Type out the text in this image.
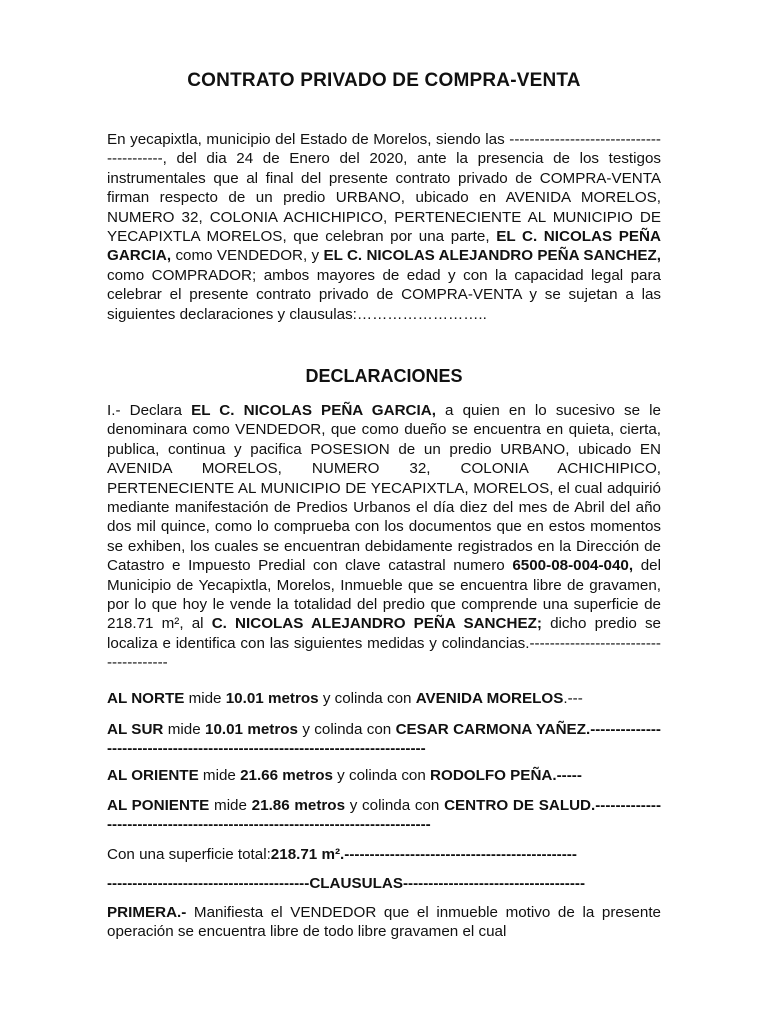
CONTRATO PRIVADO DE COMPRA-VENTA

En yecapixtla, municipio del Estado de Morelos, siendo las -----------------------------------------, del dia 24 de Enero del 2020, ante la presencia de los testigos instrumentales que al final del presente contrato privado de COMPRA-VENTA firman respecto de un predio URBANO, ubicado en AVENIDA MORELOS, NUMERO 32, COLONIA ACHICHIPICO, PERTENECIENTE AL MUNICIPIO DE YECAPIXTLA MORELOS, que celebran por una parte, EL C. NICOLAS PEÑA GARCIA, como VENDEDOR, y EL C. NICOLAS ALEJANDRO PEÑA SANCHEZ, como COMPRADOR; ambos mayores de edad y con la capacidad legal para celebrar el presente contrato privado de COMPRA-VENTA y se sujetan a las siguientes declaraciones y clausulas:……………………..

DECLARACIONES

I.- Declara EL C. NICOLAS PEÑA GARCIA, a quien en lo sucesivo se le denominara como VENDEDOR, que como dueño se encuentra en quieta, cierta, publica, continua y pacifica POSESION de un predio URBANO, ubicado EN AVENIDA MORELOS, NUMERO 32, COLONIA ACHICHIPICO, PERTENECIENTE AL MUNICIPIO DE YECAPIXTLA, MORELOS, el cual adquirió mediante manifestación de Predios Urbanos el día diez del mes de Abril del año dos mil quince, como lo comprueba con los documentos que en estos momentos se exhiben, los cuales se encuentran debidamente registrados en la Dirección de Catastro e Impuesto Predial con clave catastral numero 6500-08-004-040, del Municipio de Yecapixtla, Morelos, Inmueble que se encuentra libre de gravamen, por lo que hoy le vende la totalidad del predio que comprende una superficie de 218.71 m², al C. NICOLAS ALEJANDRO PEÑA SANCHEZ; dicho predio se localiza e identifica con las siguientes medidas y colindancias.--------------------------------------

AL NORTE mide 10.01 metros y colinda con AVENIDA MORELOS.---

AL SUR mide 10.01 metros y colinda con CESAR CARMONA YAÑEZ.-----------------------------------------------------------------------------

AL ORIENTE mide 21.66 metros y colinda con RODOLFO PEÑA.-----

AL PONIENTE mide 21.86 metros y colinda con CENTRO DE SALUD.-----------------------------------------------------------------------------

Con una superficie total:218.71 m².----------------------------------------------

----------------------------------------CLAUSULAS------------------------------------

PRIMERA.- Manifiesta el VENDEDOR que el inmueble motivo de la presente operación se encuentra libre de todo libre gravamen el cual
